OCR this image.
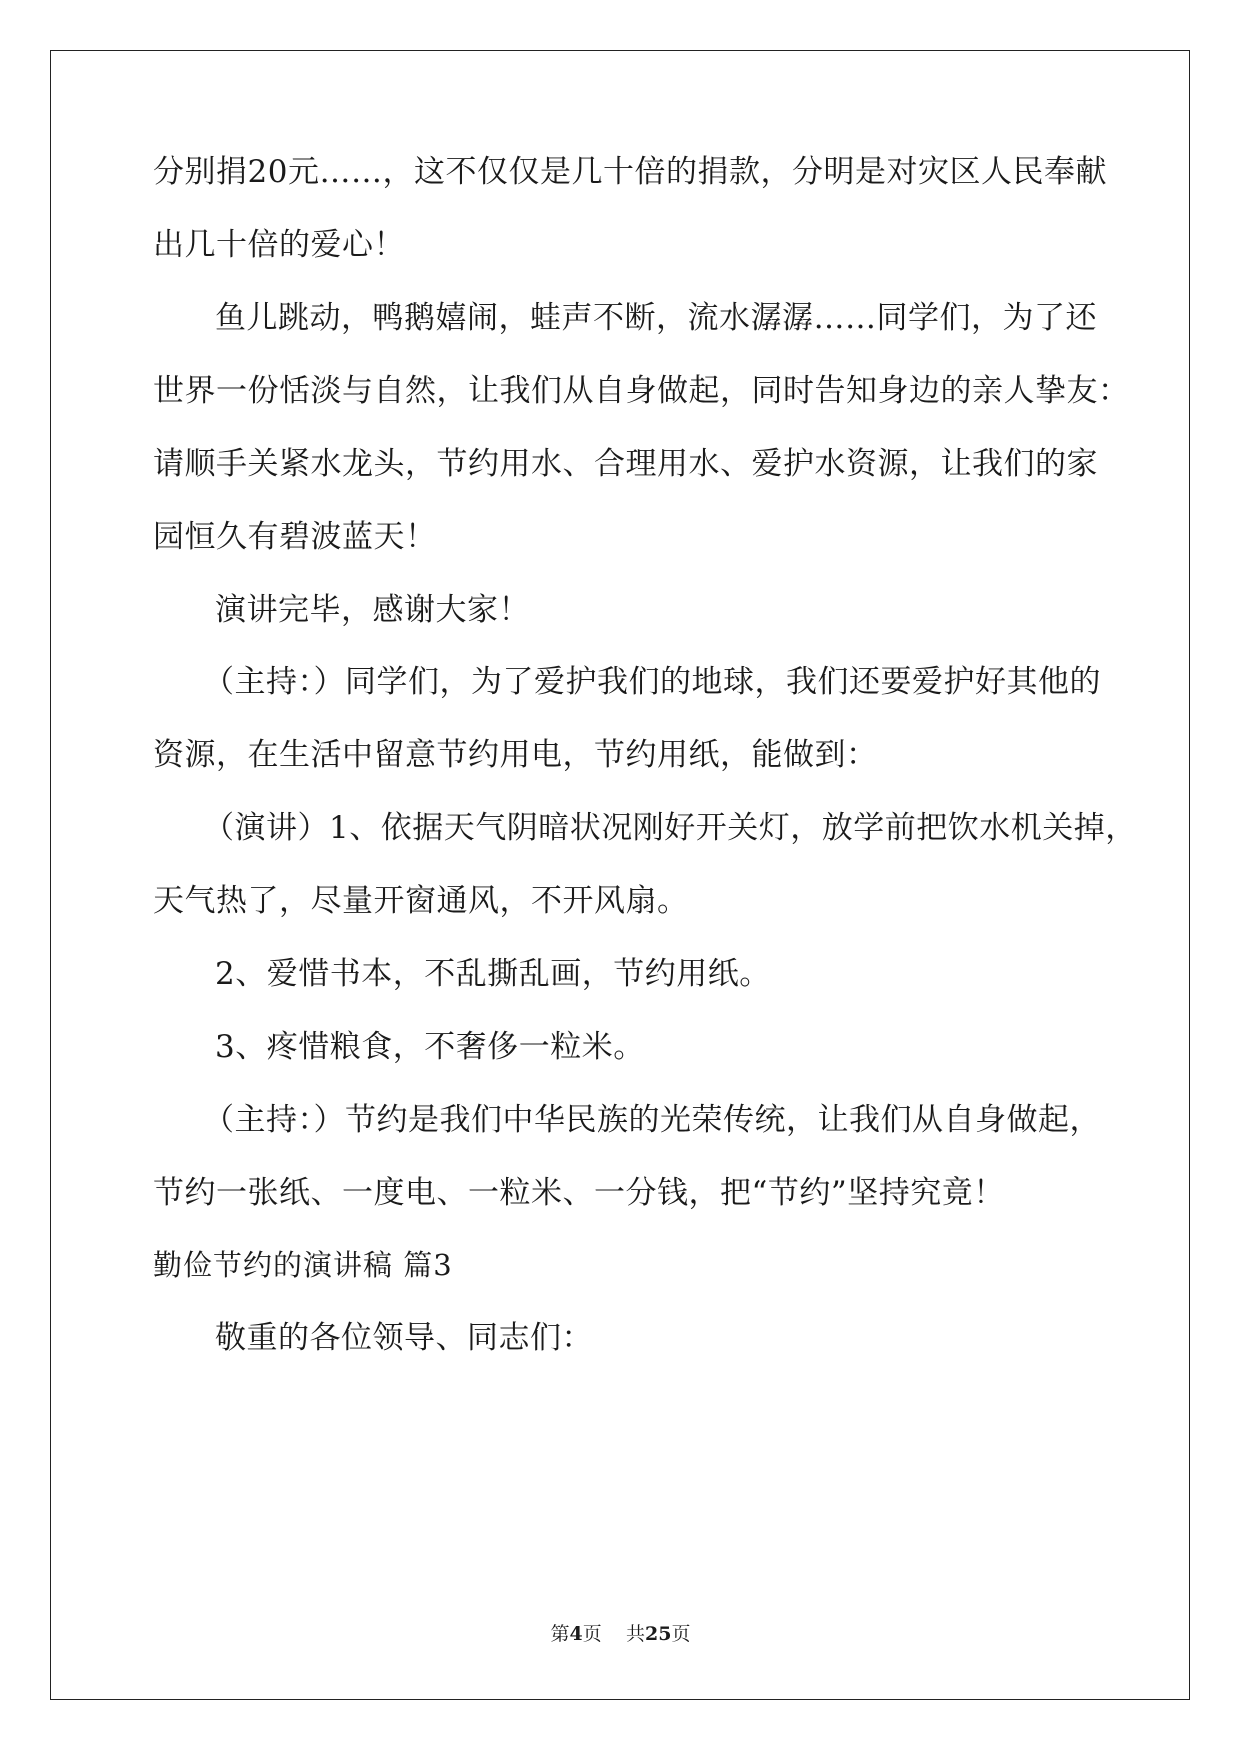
分别捐20元……，这不仅仅是几十倍的捐款，分明是对灾区人民奉献
出几十倍的爱心！
鱼儿跳动，鸭鹅嬉闹，蛙声不断，流水潺潺……同学们，为了还
世界一份恬淡与自然，让我们从自身做起，同时告知身边的亲人挚友：
请顺手关紧水龙头，节约用水、合理用水、爱护水资源，让我们的家
园恒久有碧波蓝天！
演讲完毕，感谢大家！
（主持：）同学们，为了爱护我们的地球，我们还要爱护好其他的
资源，在生活中留意节约用电，节约用纸，能做到：
（演讲）1、依据天气阴暗状况刚好开关灯，放学前把饮水机关掉，
天气热了，尽量开窗通风，不开风扇。
2、爱惜书本，不乱撕乱画，节约用纸。
3、疼惜粮食，不奢侈一粒米。
（主持：）节约是我们中华民族的光荣传统，让我们从自身做起，
节约一张纸、一度电、一粒米、一分钱，把“节约”坚持究竟！
勤俭节约的演讲稿 篇3
敬重的各位领导、同志们：
第4页 共25页
